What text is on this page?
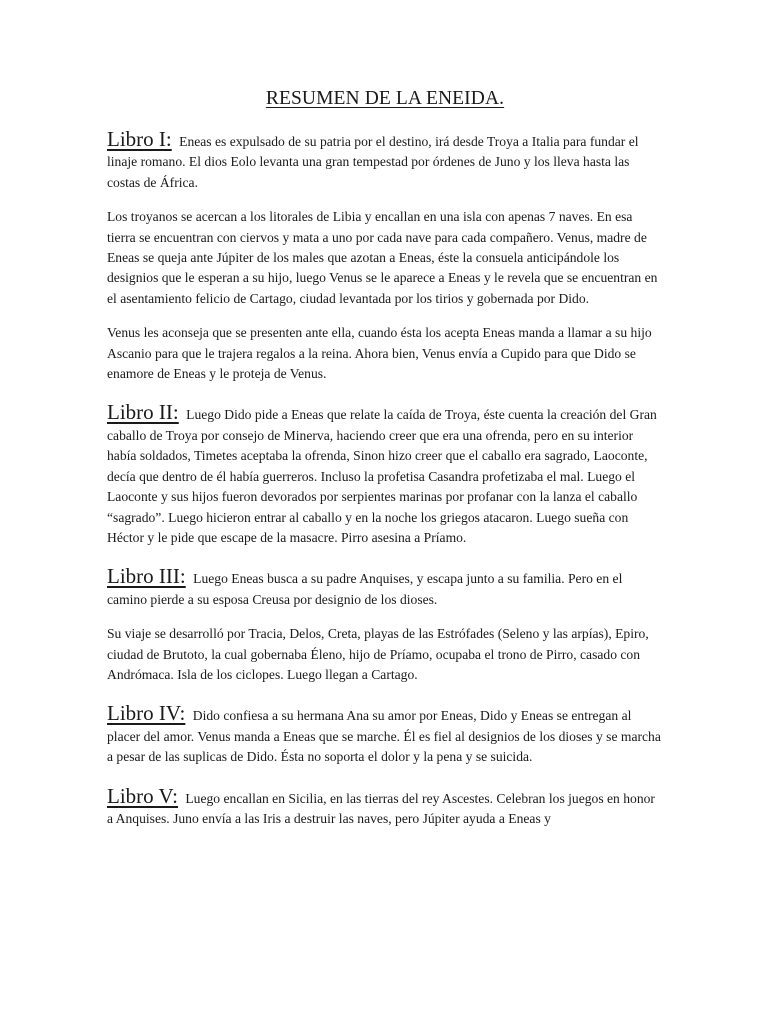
RESUMEN DE LA ENEIDA.

Libro I: Eneas es expulsado de su patria por el destino, irá desde Troya a Italia para fundar el linaje romano. El dios Eolo levanta una gran tempestad por órdenes de Juno y los lleva hasta las costas de África.

Los troyanos se acercan a los litorales de Libia y encallan en una isla con apenas 7 naves. En esa tierra se encuentran con ciervos y mata a uno por cada nave para cada compañero. Venus, madre de Eneas se queja ante Júpiter de los males que azotan a Eneas, éste la consuela anticipándole los designios que le esperan a su hijo, luego Venus se le aparece a Eneas y le revela que se encuentran en el asentamiento felicio de Cartago, ciudad levantada por los tirios y gobernada por Dido.

Venus les aconseja que se presenten ante ella, cuando ésta los acepta Eneas manda a llamar a su hijo Ascanio para que le trajera regalos a la reina. Ahora bien, Venus envía a Cupido para que Dido se enamore de Eneas y le proteja de Venus.

Libro II: Luego Dido pide a Eneas que relate la caída de Troya, éste cuenta la creación del Gran caballo de Troya por consejo de Minerva, haciendo creer que era una ofrenda, pero en su interior había soldados, Timetes aceptaba la ofrenda, Sinon hizo creer que el caballo era sagrado, Laoconte, decía que dentro de él había guerreros. Incluso la profetisa Casandra profetizaba el mal. Luego el Laoconte y sus hijos fueron devorados por serpientes marinas por profanar con la lanza el caballo “sagrado”. Luego hicieron entrar al caballo y en la noche los griegos atacaron. Luego sueña con Héctor y le pide que escape de la masacre. Pirro asesina a Príamo.

Libro III: Luego Eneas busca a su padre Anquises, y escapa junto a su familia. Pero en el camino pierde a su esposa Creusa por designio de los dioses.

Su viaje se desarrolló por Tracia, Delos, Creta, playas de las Estrófades (Seleno y las arpías), Epiro, ciudad de Brutoto, la cual gobernaba Éleno, hijo de Príamo, ocupaba el trono de Pirro, casado con Andrómaca. Isla de los ciclopes. Luego llegan a Cartago.

Libro IV: Dido confiesa a su hermana Ana su amor por Eneas, Dido y Eneas se entregan al placer del amor. Venus manda a Eneas que se marche. Él es fiel al designios de los dioses y se marcha a pesar de las suplicas de Dido. Ésta no soporta el dolor y la pena y se suicida.

Libro V: Luego encallan en Sicilia, en las tierras del rey Ascestes. Celebran los juegos en honor a Anquises. Juno envía a las Iris a destruir las naves, pero Júpiter ayuda a Eneas y
